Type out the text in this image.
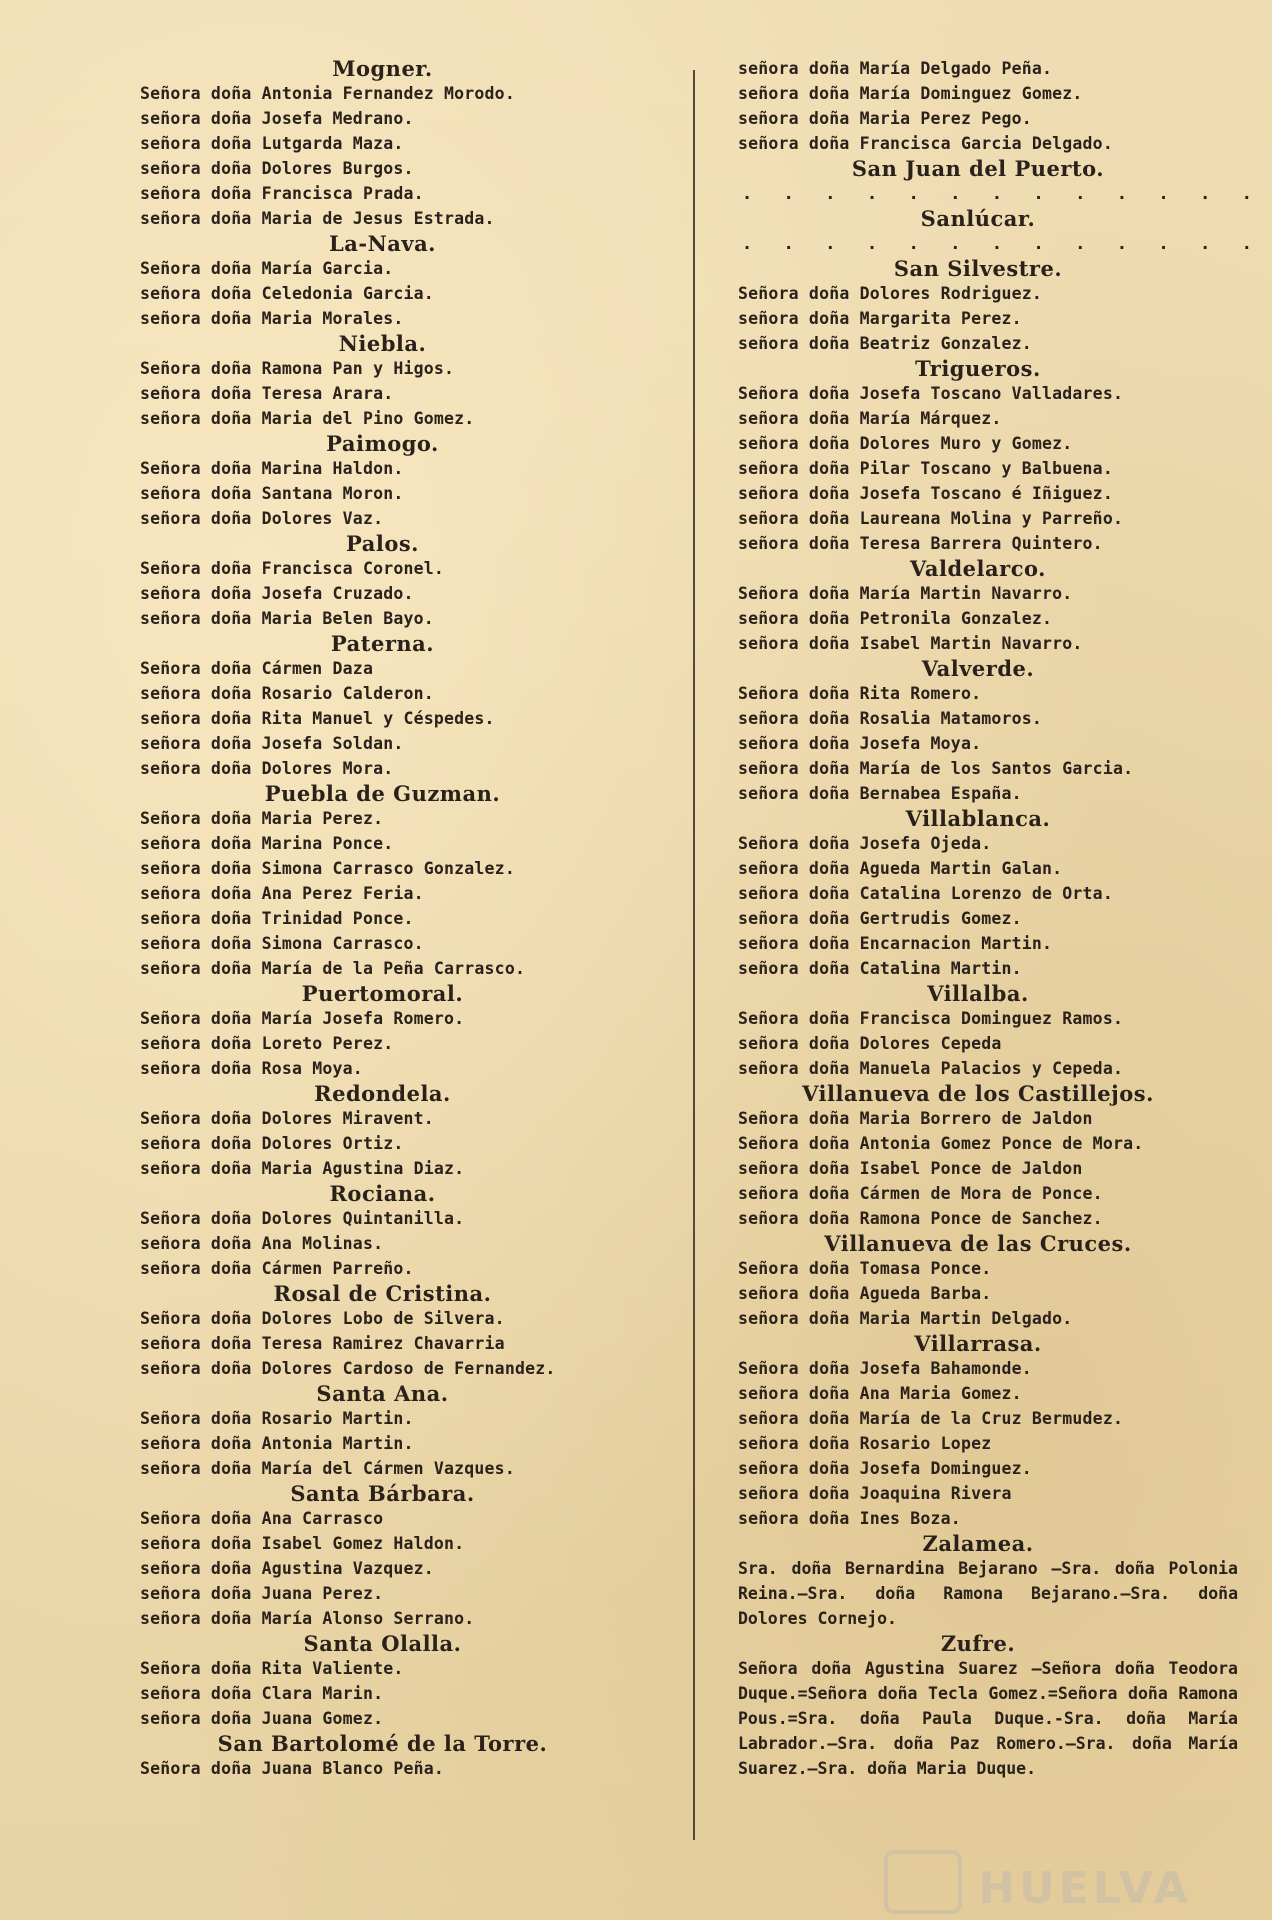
Mogner.
Señora doña Antonia Fernandez Morodo.
señora doña Josefa Medrano.
señora doña Lutgarda Maza.
señora doña Dolores Burgos.
señora doña Francisca Prada.
señora doña Maria de Jesus Estrada.
La-Nava.
Señora doña María Garcia.
señora doña Celedonia Garcia.
señora doña Maria Morales.
Niebla.
Señora doña Ramona Pan y Higos.
señora doña Teresa Arara.
señora doña Maria del Pino Gomez.
Paimogo.
Señora doña Marina Haldon.
señora doña Santana Moron.
señora doña Dolores Vaz.
Palos.
Señora doña Francisca Coronel.
señora doña Josefa Cruzado.
señora doña Maria Belen Bayo.
Paterna.
Señora doña Cármen Daza
señora doña Rosario Calderon.
señora doña Rita Manuel y Céspedes.
señora doña Josefa Soldan.
señora doña Dolores Mora.
Puebla de Guzman.
Señora doña Maria Perez.
señora doña Marina Ponce.
señora doña Simona Carrasco Gonzalez.
señora doña Ana Perez Feria.
señora doña Trinidad Ponce.
señora doña Simona Carrasco.
señora doña María de la Peña Carrasco.
Puertomoral.
Señora doña María Josefa Romero.
señora doña Loreto Perez.
señora doña Rosa Moya.
Redondela.
Señora doña Dolores Miravent.
señora doña Dolores Ortiz.
señora doña Maria Agustina Diaz.
Rociana.
Señora doña Dolores Quintanilla.
señora doña Ana Molinas.
señora doña Cármen Parreño.
Rosal de Cristina.
Señora doña Dolores Lobo de Silvera.
señora doña Teresa Ramirez Chavarria
señora doña Dolores Cardoso de Fernandez.
Santa Ana.
Señora doña Rosario Martin.
señora doña Antonia Martin.
señora doña María del Cármen Vazques.
Santa Bárbara.
Señora doña Ana Carrasco
señora doña Isabel Gomez Haldon.
señora doña Agustina Vazquez.
señora doña Juana Perez.
señora doña María Alonso Serrano.
Santa Olalla.
Señora doña Rita Valiente.
señora doña Clara Marin.
señora doña Juana Gomez.
San Bartolomé de la Torre.
Señora doña Juana Blanco Peña.
señora doña María Delgado Peña.
señora doña María Dominguez Gomez.
señora doña Maria Perez Pego.
señora doña Francisca Garcia Delgado.
San Juan del Puerto.
. . . . . . . . . . . . .
Sanlúcar.
. . . . . . . . . . . . .
San Silvestre.
Señora doña Dolores Rodriguez.
señora doña Margarita Perez.
señora doña Beatriz Gonzalez.
Trigueros.
Señora doña Josefa Toscano Valladares.
señora doña María Márquez.
señora doña Dolores Muro y Gomez.
señora doña Pilar Toscano y Balbuena.
señora doña Josefa Toscano é Iñiguez.
señora doña Laureana Molina y Parreño.
señora doña Teresa Barrera Quintero.
Valdelarco.
Señora doña María Martin Navarro.
señora doña Petronila Gonzalez.
señora doña Isabel Martin Navarro.
Valverde.
Señora doña Rita Romero.
señora doña Rosalia Matamoros.
señora doña Josefa Moya.
señora doña María de los Santos Garcia.
señora doña Bernabea España.
Villablanca.
Señora doña Josefa Ojeda.
señora doña Agueda Martin Galan.
señora doña Catalina Lorenzo de Orta.
señora doña Gertrudis Gomez.
señora doña Encarnacion Martin.
señora doña Catalina Martin.
Villalba.
Señora doña Francisca Dominguez Ramos.
señora doña Dolores Cepeda
señora doña Manuela Palacios y Cepeda.
Villanueva de los Castillejos.
Señora doña Maria Borrero de Jaldon
Señora doña Antonia Gomez Ponce de Mora.
señora doña Isabel Ponce de Jaldon
señora doña Cármen de Mora de Ponce.
señora doña Ramona Ponce de Sanchez.
Villanueva de las Cruces.
Señora doña Tomasa Ponce.
señora doña Agueda Barba.
señora doña Maria Martin Delgado.
Villarrasa.
Señora doña Josefa Bahamonde.
señora doña Ana Maria Gomez.
señora doña María de la Cruz Bermudez.
señora doña Rosario Lopez
señora doña Josefa Dominguez.
señora doña Joaquina Rivera
señora doña Ines Boza.
Zalamea.
Sra. doña Bernardina Bejarano —Sra. doña Polonia Reina.—Sra. doña Ramona Bejarano.—Sra. doña Dolores Cornejo.
Zufre.
Señora doña Agustina Suarez —Señora doña Teodora Duque.=Señora doña Tecla Gomez.=Señora doña Ramona Pous.=Sra. doña Paula Duque.-Sra. doña María Labrador.—Sra. doña Paz Romero.—Sra. doña María Suarez.—Sra. doña Maria Duque.
HUELVA
